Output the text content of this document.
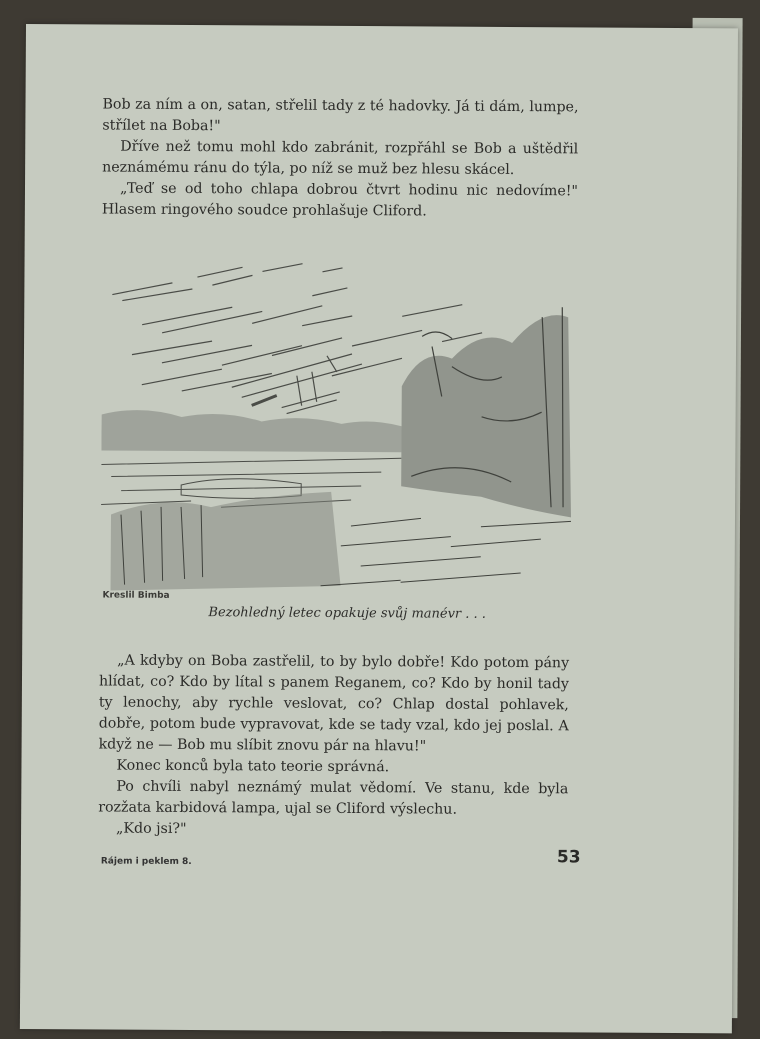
Bob za ním a on, satan, střelil tady z té hadovky. Já ti dám, lumpe, střílet na Boba!"

Dříve než tomu mohl kdo zabránit, rozpřáhl se Bob a uštědřil neznámému ránu do týla, po níž se muž bez hlesu skácel.

„Teď se od toho chlapa dobrou čtvrt hodinu nic nedovíme!" Hlasem ringového soudce prohlašuje Cliford.

Kreslil Bimba
Bezohledný letec opakuje svůj manévr . . .

„A kdyby on Boba zastřelil, to by bylo dobře! Kdo potom pány hlídat, co? Kdo by lítal s panem Reganem, co? Kdo by honil tady ty lenochy, aby rychle veslovat, co? Chlap dostal pohlavek, dobře, potom bude vypravovat, kde se tady vzal, kdo jej poslal. A když ne — Bob mu slíbit znovu pár na hlavu!"

Konec konců byla tato teorie správná.

Po chvíli nabyl neznámý mulat vědomí. Ve stanu, kde byla rozžata karbidová lampa, ujal se Cliford výslechu.

„Kdo jsi?"

Rájem i peklem 8.	53
